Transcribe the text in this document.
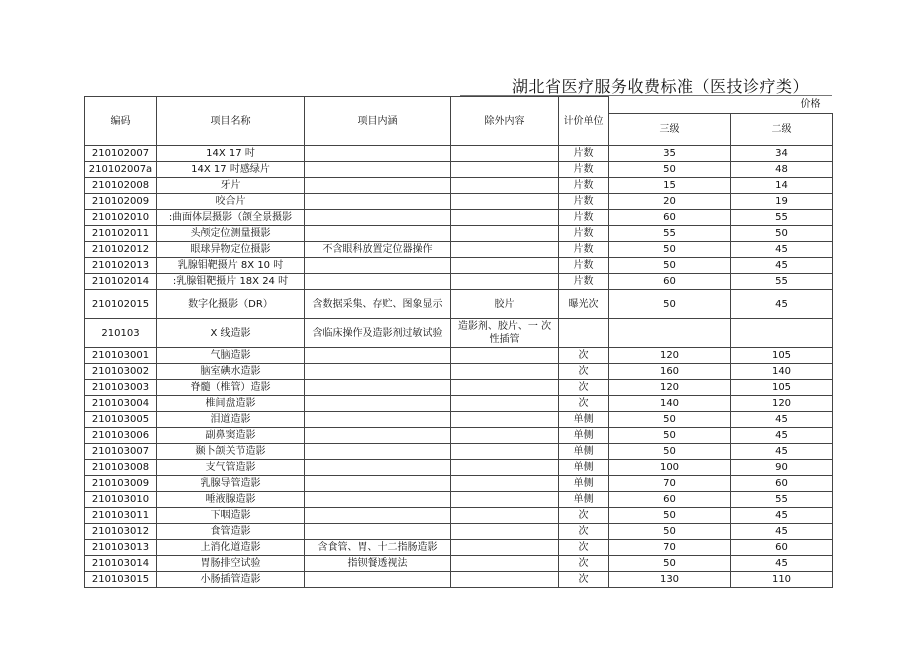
湖北省医疗服务收费标准（医技诊疗类）
编码	项目名称	项目内涵	除外内容	计价单位	价格	
					三级	二级
210102007	14X 17 吋			片数	35	34
210102007a	14X 17 吋感绿片			片数	50	48
210102008	牙片			片数	15	14
210102009	咬合片			片数	20	19
210102010	:曲面体层摄影（颌全景摄影			片数	60	55
210102011	头颅定位测量摄影			片数	55	50
210102012	眼球异物定位摄影	不含眼科放置定位器操作		片数	50	45
210102013	乳腺钼靶摄片 8X 10 吋			片数	50	45
210102014	:乳腺钼靶摄片 18X 24 吋			片数	60	55
210102015	数字化摄影（DR）	含数据采集、存贮、图象显示	胶片	曝光次	50	45
210103	X 线造影	含临床操作及造影剂过敏试验	造影剂、胶片、一 次性插管			
210103001	气脑造影			次	120	105
210103002	脑室碘水造影			次	160	140
210103003	脊髓（椎管）造影			次	120	105
210103004	椎间盘造影			次	140	120
210103005	泪道造影			单侧	50	45
210103006	副鼻窦造影			单侧	50	45
210103007	颞卜颌关节造影			单侧	50	45
210103008	支气管造影			单侧	100	90
210103009	乳腺导管造影			单侧	70	60
210103010	唾液腺造影			单侧	60	55
210103011	下咽造影			次	50	45
210103012	食管造影			次	50	45
210103013	上消化道造影	含食管、胃、十二指肠造影		次	70	60
210103014	胃肠排空试验	指钡餐透视法		次	50	45
210103015	小肠插管造影			次	130	110
